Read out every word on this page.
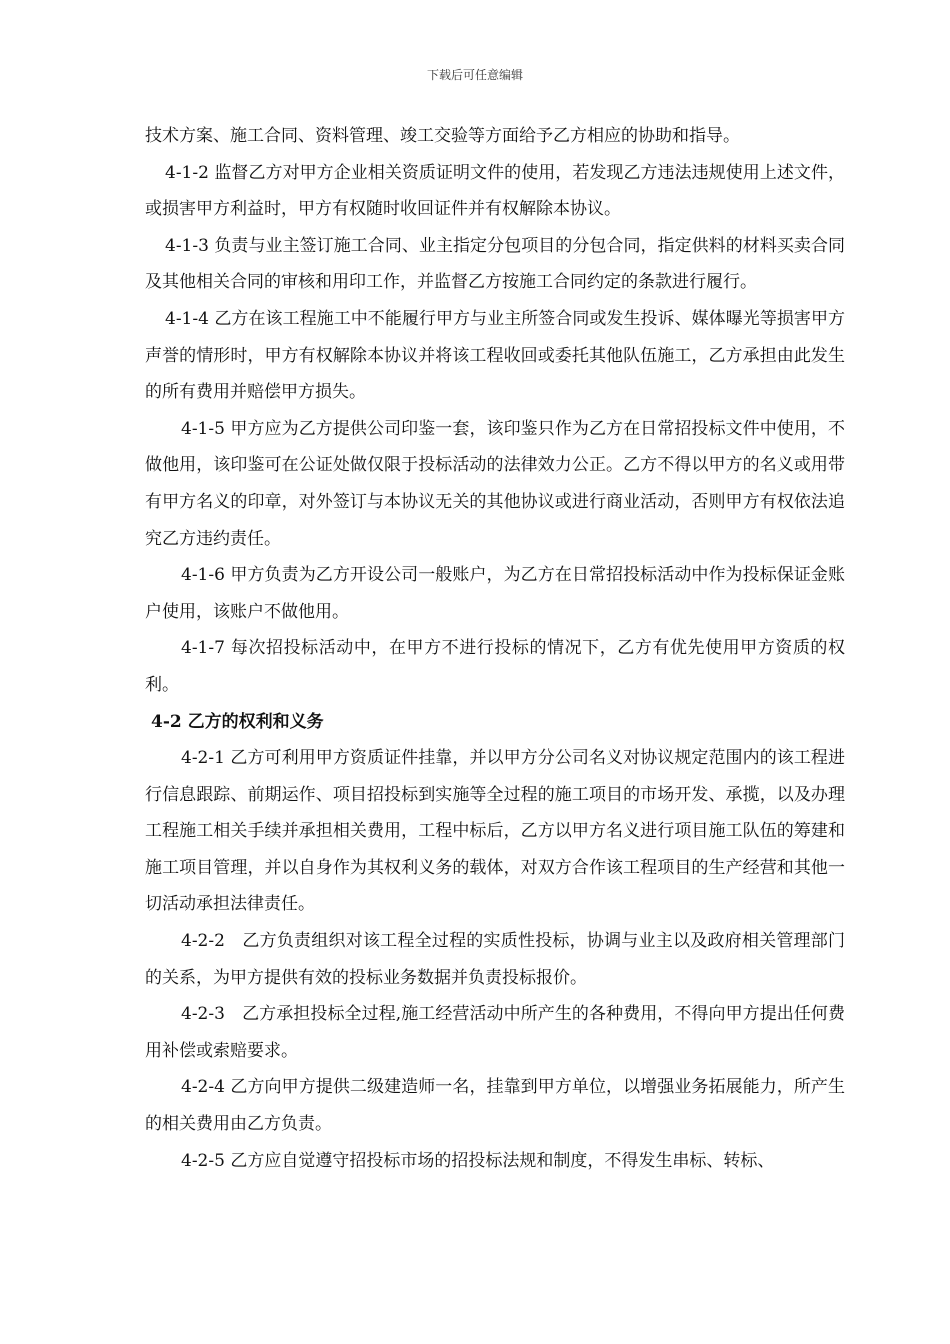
下载后可任意编辑

技术方案、施工合同、资料管理、竣工交验等方面给予乙方相应的协助和指导。

4-1-2 监督乙方对甲方企业相关资质证明文件的使用，若发现乙方违法违规使用上述文件，或损害甲方利益时，甲方有权随时收回证件并有权解除本协议。

4-1-3 负责与业主签订施工合同、业主指定分包项目的分包合同，指定供料的材料买卖合同及其他相关合同的审核和用印工作，并监督乙方按施工合同约定的条款进行履行。

4-1-4 乙方在该工程施工中不能履行甲方与业主所签合同或发生投诉、媒体曝光等损害甲方声誉的情形时，甲方有权解除本协议并将该工程收回或委托其他队伍施工，乙方承担由此发生的所有费用并赔偿甲方损失。

4-1-5 甲方应为乙方提供公司印鉴一套，该印鉴只作为乙方在日常招投标文件中使用，不做他用，该印鉴可在公证处做仅限于投标活动的法律效力公正。乙方不得以甲方的名义或用带有甲方名义的印章，对外签订与本协议无关的其他协议或进行商业活动，否则甲方有权依法追究乙方违约责任。

4-1-6 甲方负责为乙方开设公司一般账户，为乙方在日常招投标活动中作为投标保证金账户使用，该账户不做他用。

4-1-7 每次招投标活动中，在甲方不进行投标的情况下，乙方有优先使用甲方资质的权利。

4-2 乙方的权利和义务

4-2-1 乙方可利用甲方资质证件挂靠，并以甲方分公司名义对协议规定范围内的该工程进行信息跟踪、前期运作、项目招投标到实施等全过程的施工项目的市场开发、承揽，以及办理工程施工相关手续并承担相关费用，工程中标后，乙方以甲方名义进行项目施工队伍的筹建和施工项目管理，并以自身作为其权利义务的载体，对双方合作该工程项目的生产经营和其他一切活动承担法律责任。

4-2-2　乙方负责组织对该工程全过程的实质性投标，协调与业主以及政府相关管理部门的关系，为甲方提供有效的投标业务数据并负责投标报价。

4-2-3　乙方承担投标全过程,施工经营活动中所产生的各种费用，不得向甲方提出任何费用补偿或索赔要求。

4-2-4 乙方向甲方提供二级建造师一名，挂靠到甲方单位，以增强业务拓展能力，所产生的相关费用由乙方负责。

4-2-5 乙方应自觉遵守招投标市场的招投标法规和制度，不得发生串标、转标、
